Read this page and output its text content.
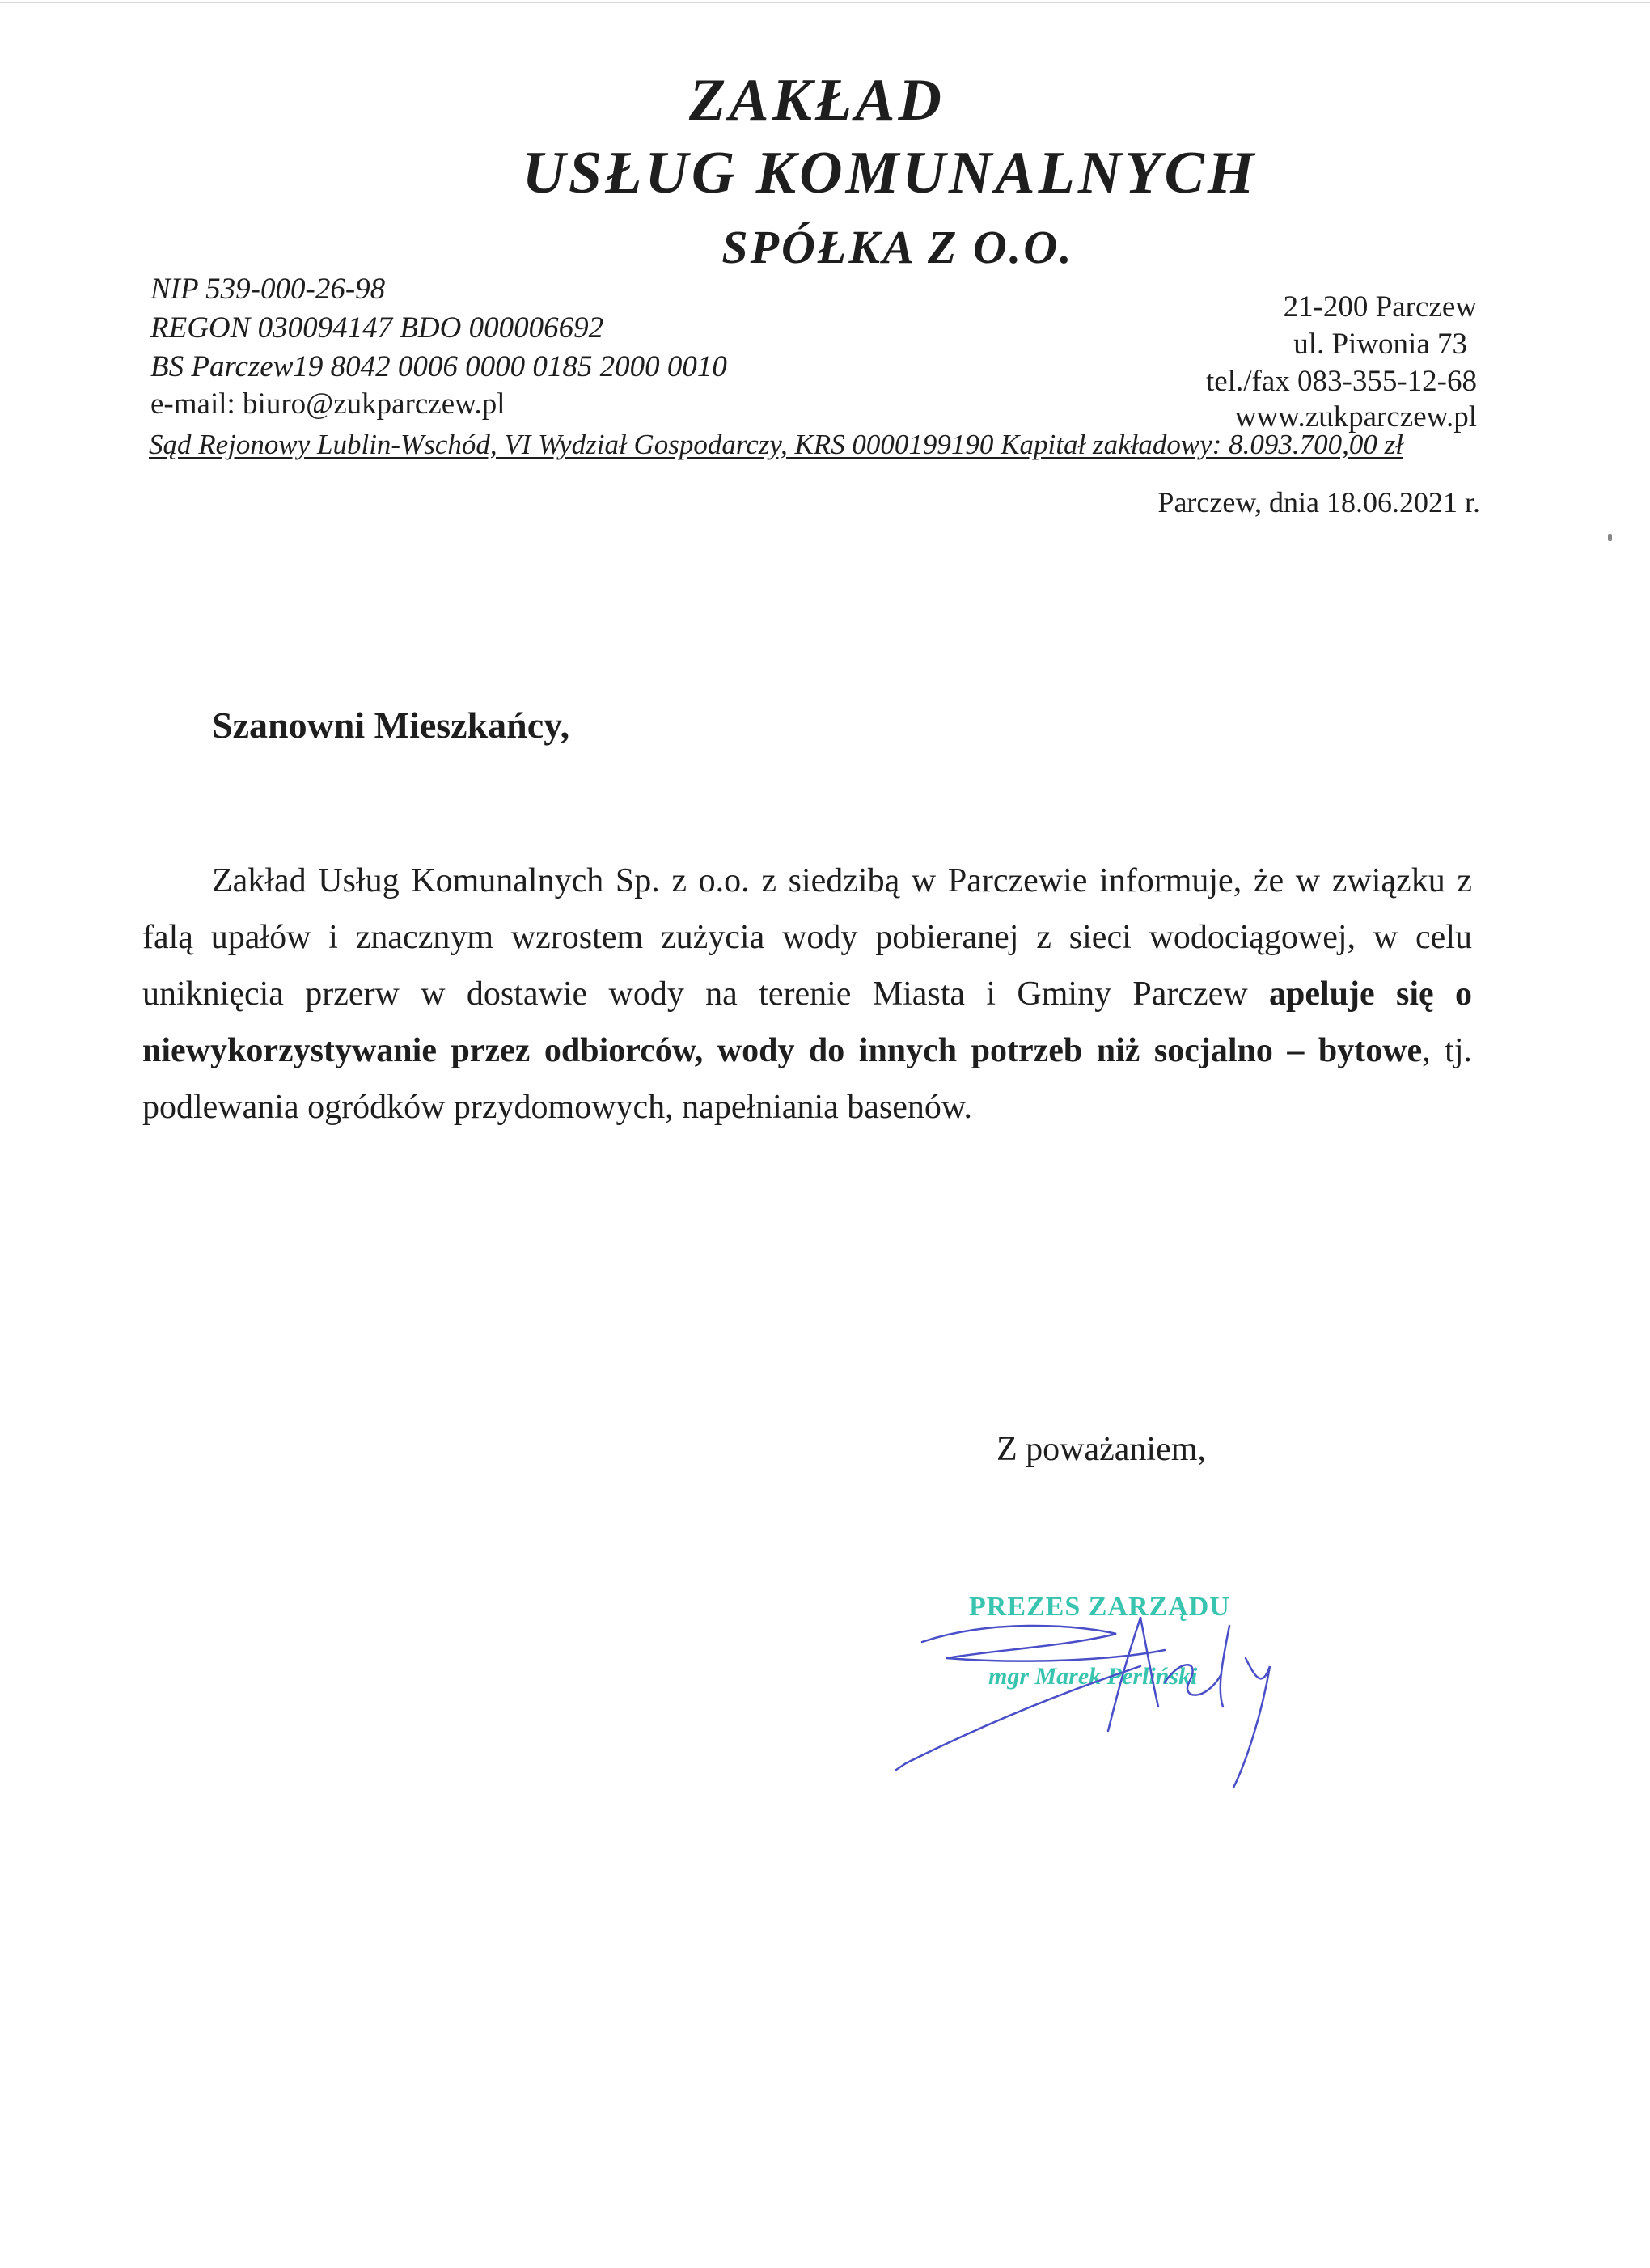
ZAKŁAD
USŁUG KOMUNALNYCH
SPÓŁKA Z O.O.
NIP 539-000-26-98
REGON 030094147 BDO 000006692
BS Parczew19 8042 0006 0000 0185 2000 0010
e-mail: biuro@zukparczew.pl
Sąd Rejonowy Lublin-Wschód, VI Wydział Gospodarczy, KRS 0000199190 Kapitał zakładowy: 8.093.700,00 zł
21-200 Parczew
ul. Piwonia 73
tel./fax 083-355-12-68
www.zukparczew.pl
Parczew, dnia 18.06.2021 r.
Szanowni Mieszkańcy,

Zakład Usług Komunalnych Sp. z o.o. z siedzibą w Parczewie informuje, że w związku z falą upałów i znacznym wzrostem zużycia wody pobieranej z sieci wodociągowej, w celu uniknięcia przerw w dostawie wody na terenie Miasta i Gminy Parczew apeluje się o niewykorzystywanie przez odbiorców, wody do innych potrzeb niż socjalno – bytowe, tj. podlewania ogródków przydomowych, napełniania basenów.

Z poważaniem,
PREZES ZARZĄDU
mgr Marek Perliński
